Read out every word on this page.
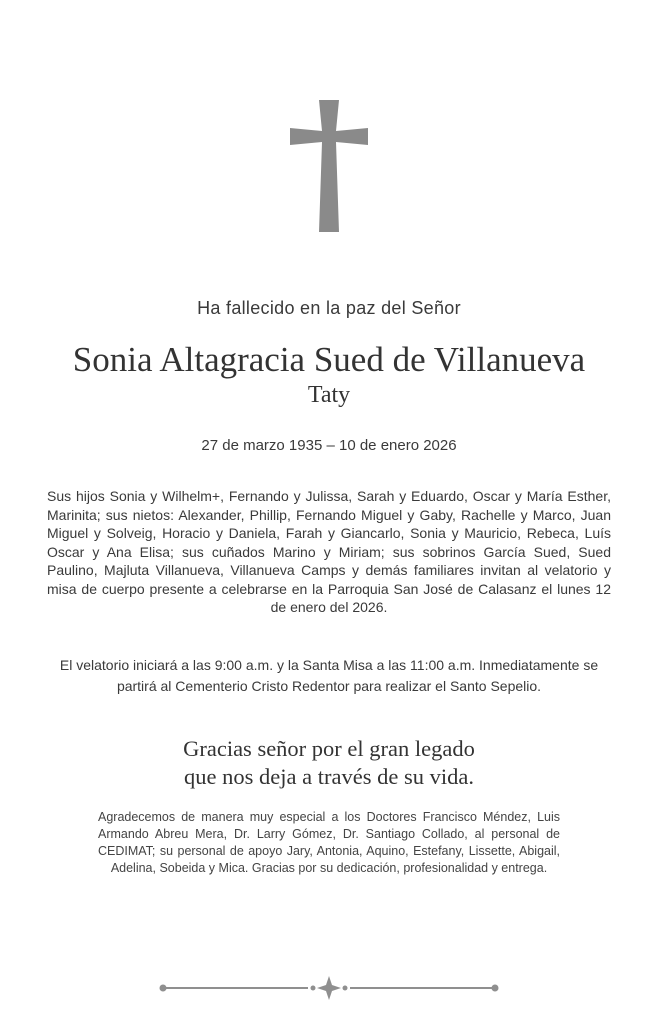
Ha fallecido en la paz del Señor
Sonia Altagracia Sued de Villanueva
Taty
27 de marzo 1935 – 10 de enero 2026
Sus hijos Sonia y Wilhelm+, Fernando y Julissa, Sarah y Eduardo, Oscar y María Esther, Marinita; sus nietos: Alexander, Phillip, Fernando Miguel y Gaby, Rachelle y Marco, Juan Miguel y Solveig, Horacio y Daniela, Farah y Giancarlo, Sonia y Mauricio, Rebeca, Luís Oscar y Ana Elisa; sus cuñados Marino y Miriam; sus sobrinos García Sued, Sued Paulino, Majluta Villanueva, Villanueva Camps y demás familiares invitan al velatorio y misa de cuerpo presente a celebrarse en la Parroquia San José de Calasanz el lunes 12 de enero del 2026.
El velatorio iniciará a las 9:00 a.m. y la Santa Misa a las 11:00 a.m. Inmediatamente se partirá al Cementerio Cristo Redentor para realizar el Santo Sepelio.
Gracias señor por el gran legado
que nos deja a través de su vida.
Agradecemos de manera muy especial a los Doctores Francisco Méndez, Luis Armando Abreu Mera, Dr. Larry Gómez, Dr. Santiago Collado, al personal de CEDIMAT; su personal de apoyo Jary, Antonia, Aquino, Estefany, Lissette, Abigail, Adelina, Sobeida y Mica. Gracias por su dedicación, profesionalidad y entrega.
